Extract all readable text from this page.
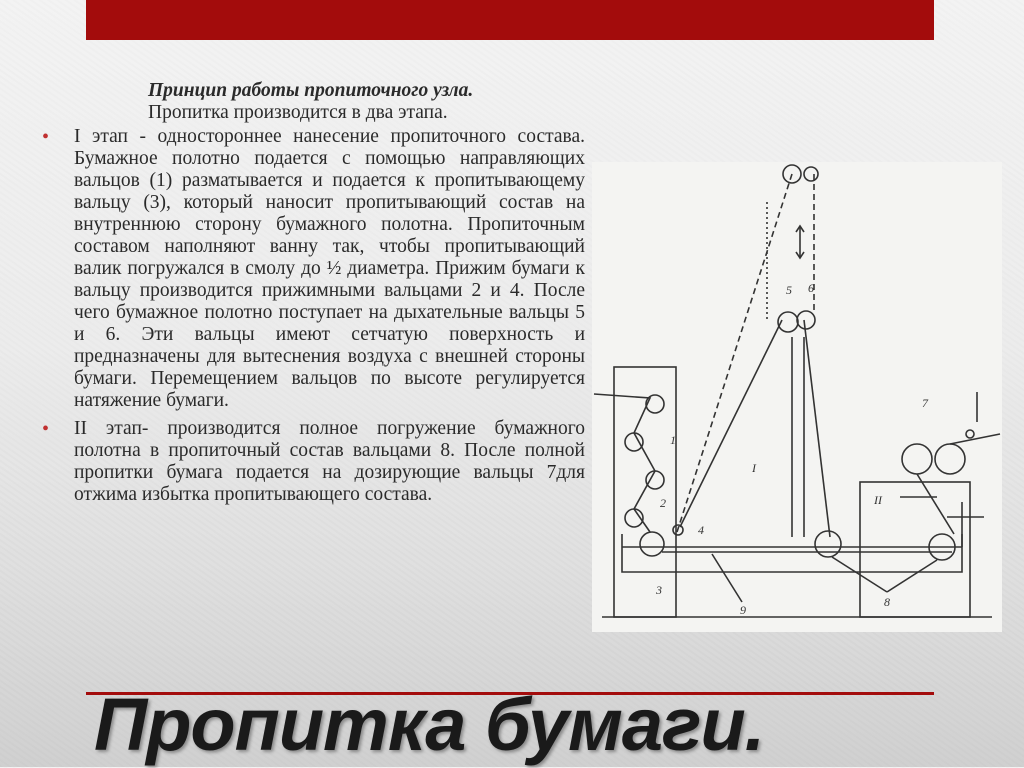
Принцип работы пропиточного узла.
Пропитка производится в два этапа.
• I этап - одностороннее нанесение пропиточного состава. Бумажное полотно подается с помощью направляющих вальцов (1) разматывается и подается к пропитывающему вальцу (3), который наносит пропитывающий состав на внутреннюю сторону бумажного полотна. Пропиточным составом наполняют ванну так, чтобы пропитывающий валик погружался в смолу до ½ диаметра. Прижим бумаги к вальцу производится прижимными вальцами 2 и 4. После чего бумажное полотно поступает на дыхательные вальцы 5 и 6. Эти вальцы имеют сетчатую поверхность и предназначены для вытеснения воздуха с внешней стороны бумаги. Перемещением вальцов по высоте регулируется натяжение бумаги.
• II этап- производится полное погружение бумажного полотна в пропиточный состав вальцами 8. После полной пропитки бумага подается на дозирующие вальцы 7для отжима избытка пропитывающего состава.
1
2
3
4
5 6
7
8
9
I
II
Пропитка бумаги.
